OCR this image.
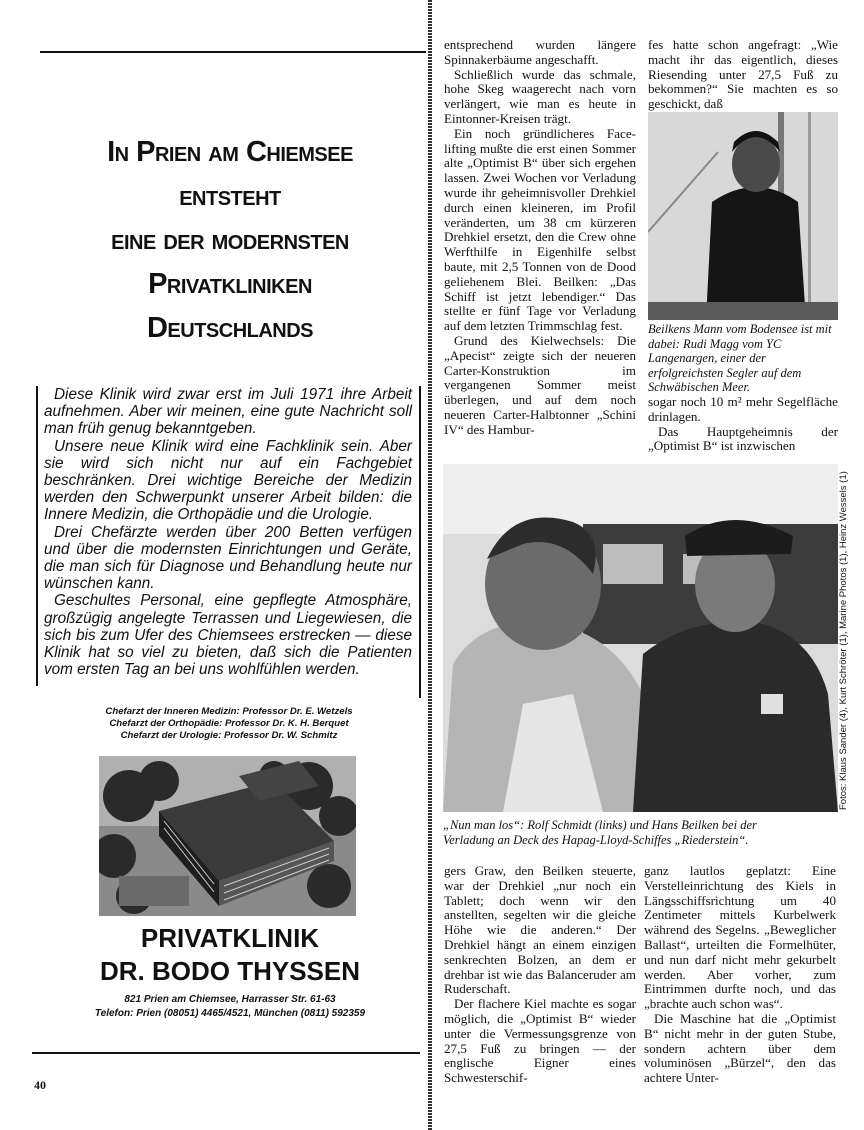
In Prien am Chiemsee
entsteht
eine der modernsten
Privatkliniken
Deutschlands

Diese Klinik wird zwar erst im Juli 1971 ihre Arbeit aufnehmen. Aber wir meinen, eine gute Nachricht soll man früh genug bekanntgeben.

Unsere neue Klinik wird eine Fachklinik sein. Aber sie wird sich nicht nur auf ein Fachgebiet beschränken. Drei wichtige Bereiche der Medizin werden den Schwerpunkt unserer Arbeit bilden: die Innere Medizin, die Orthopädie und die Urologie.

Drei Chefärzte werden über 200 Betten verfügen und über die modernsten Einrichtungen und Geräte, die man sich für Diagnose und Behandlung heute nur wünschen kann.

Geschultes Personal, eine gepflegte Atmosphäre, großzügig angelegte Terrassen und Liegewiesen, die sich bis zum Ufer des Chiemsees erstrecken — diese Klinik hat so viel zu bieten, daß sich die Patienten vom ersten Tag an bei uns wohlfühlen werden.

Chefarzt der Inneren Medizin: Professor Dr. E. Wetzels
Chefarzt der Orthopädie: Professor Dr. K. H. Berquet
Chefarzt der Urologie: Professor Dr. W. Schmitz
PRIVATKLINIK
DR. BODO THYSSEN
821 Prien am Chiemsee, Harrasser Str. 61-63
Telefon: Prien (08051) 4465/4521, München (0811) 592359
40

entsprechend wurden längere Spinnakerbäume angeschafft.

Schließlich wurde das schmale, hohe Skeg waagerecht nach vorn verlängert, wie man es heute in Eintonner-Kreisen trägt.

Ein noch gründlicheres Face-lifting mußte die erst einen Sommer alte „Optimist B“ über sich ergehen lassen. Zwei Wochen vor Verladung wurde ihr geheimnisvoller Drehkiel durch einen kleineren, im Profil veränderten, um 38 cm kürzeren Drehkiel ersetzt, den die Crew ohne Werfthilfe in Eigenhilfe selbst baute, mit 2,5 Tonnen von de Dood geliehenem Blei. Beilken: „Das Schiff ist jetzt lebendiger.“ Das stellte er fünf Tage vor Verladung auf dem letzten Trimmschlag fest.

Grund des Kielwechsels: Die „Apecist“ zeigte sich der neueren Carter-Konstruktion im vergangenen Sommer meist überlegen, und auf dem noch neueren Carter-Halbtonner „Schini IV“ des Hambur-

fes hatte schon angefragt: „Wie macht ihr das eigentlich, dieses Riesending unter 27,5 Fuß zu bekommen?“ Sie machten es so geschickt, daß

Beilkens Mann vom Bodensee ist mit dabei: Rudi Magg vom YC Langenargen, einer der erfolgreichsten Segler auf dem Schwäbischen Meer.

sogar noch 10 m² mehr Segelfläche drinlagen.

Das Hauptgeheimnis der „Optimist B“ ist inzwischen

Fotos: Klaus Sander (4), Kurt Schröter (1), Marine Photos (1), Heinz Wessels (1)
„Nun man los“: Rolf Schmidt (links) und Hans Beilken bei der Verladung an Deck des Hapag-Lloyd-Schiffes „Riederstein“.

gers Graw, den Beilken steuerte, war der Drehkiel „nur noch ein Tablett; doch wenn wir den anstellten, segelten wir die gleiche Höhe wie die anderen.“ Der Drehkiel hängt an einem einzigen senkrechten Bolzen, an dem er drehbar ist wie das Balanceruder am Ruderschaft.

Der flachere Kiel machte es sogar möglich, die „Optimist B“ wieder unter die Vermessungsgrenze von 27,5 Fuß zu bringen — der englische Eigner eines Schwesterschif-

ganz lautlos geplatzt: Eine Verstelleinrichtung des Kiels in Längsschiffsrichtung um 40 Zentimeter mittels Kurbelwerk während des Segelns. „Beweglicher Ballast“, urteilten die Formelhüter, und nun darf nicht mehr gekurbelt werden. Aber vorher, zum Eintrimmen durfte noch, und das „brachte auch schon was“.

Die Maschine hat die „Optimist B“ nicht mehr in der guten Stube, sondern achtern über dem voluminösen „Bürzel“, den das achtere Unter-
